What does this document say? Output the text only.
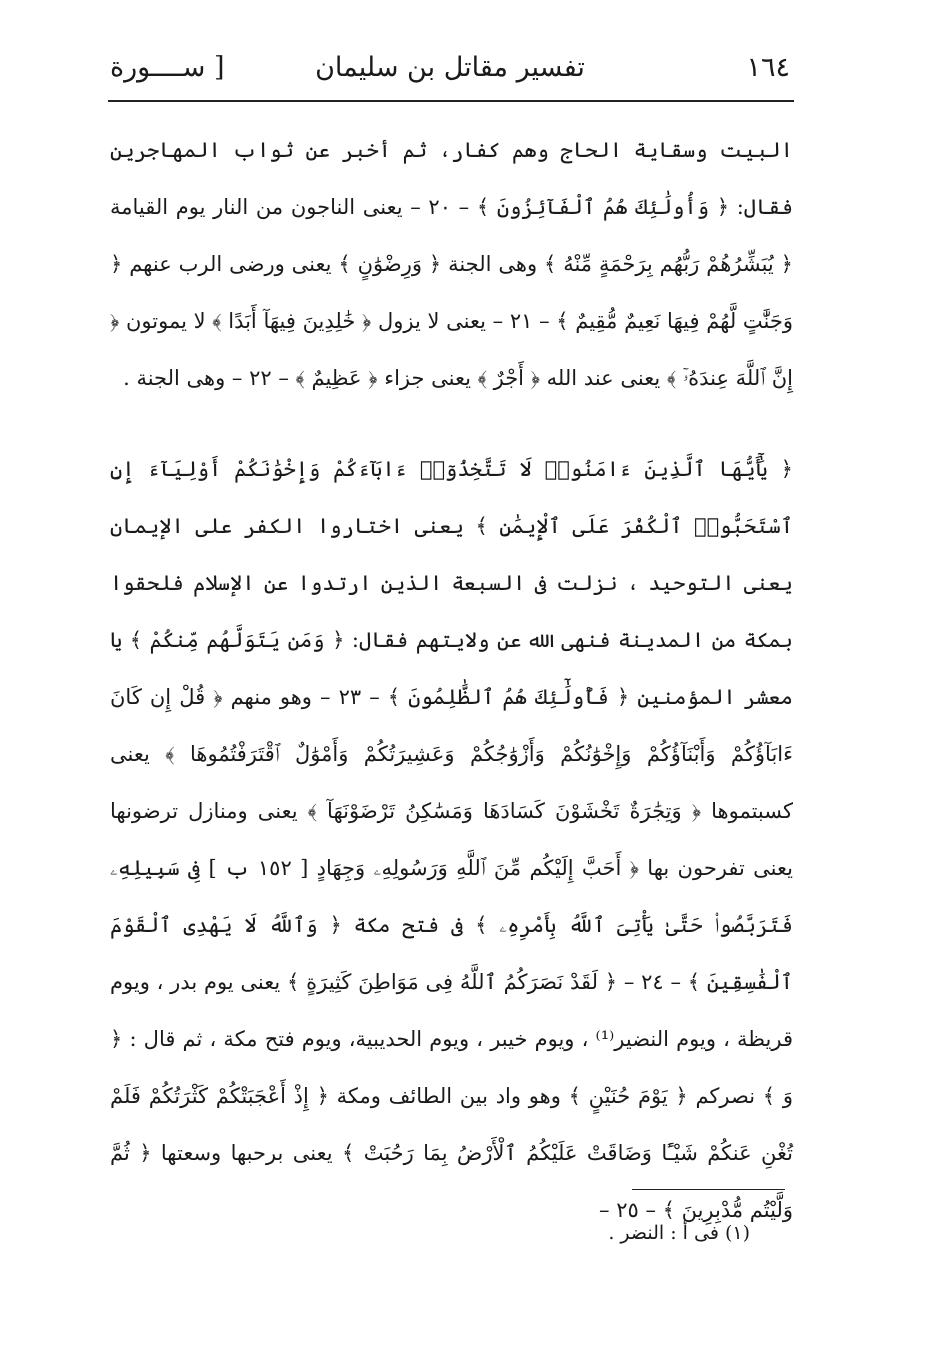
١٦٤
تفسير مقاتل بن سليمان
[ ســــورة

البيت وسقاية الحاج وهم كفار، ثم أخبر عن ثواب المهاجرين فقال: ﴿ وَأُولَٰئِكَ هُمُ ٱلْفَآئِزُونَ ﴾ – ٢٠ – يعنى الناجون من النار يوم القيامة ﴿ يُبَشِّرُهُمْ رَبُّهُم بِرَحْمَةٍ مِّنْهُ ﴾ وهى الجنة ﴿ وَرِضْوَٰنٍ ﴾ يعنى ورضى الرب عنهم ﴿ وَجَنَّٰتٍ لَّهُمْ فِيهَا نَعِيمٌ مُّقِيمٌ ﴾ – ٢١ – يعنى لا يزول ﴿ خَٰلِدِينَ فِيهَآ أَبَدًا ﴾ لا يموتون ﴿ إِنَّ ٱللَّهَ عِندَهُۥٓ ﴾ يعنى عند الله ﴿ أَجْرٌ ﴾ يعنى جزاء ﴿ عَظِيمٌ ﴾ – ٢٢ – وهى الجنة .

﴿ يَٰٓأَيُّهَا ٱلَّذِينَ ءَامَنُوا۟ لَا تَتَّخِذُوٓا۟ ءَابَآءَكُمْ وَإِخْوَٰنَكُمْ أَوْلِيَآءَ إِنِ ٱسْتَحَبُّوا۟ ٱلْكُفْرَ عَلَى ٱلْإِيمَٰنِ ﴾ يعنى اختاروا الكفر على الإيمان يعنى التوحيد ، نزلت فى السبعة الذين ارتدوا عن الإسلام فلحقوا بمكة من المدينة فنهى الله عن ولايتهم فقال: ﴿ وَمَن يَتَوَلَّهُم مِّنكُمْ ﴾ يا معشر المؤمنين ﴿ فَأُولَٰٓئِكَ هُمُ ٱلظَّٰلِمُونَ ﴾ – ٢٣ – وهو منهم ﴿ قُلْ إِن كَانَ ءَابَآؤُكُمْ وَأَبْنَآؤُكُمْ وَإِخْوَٰنُكُمْ وَأَزْوَٰجُكُمْ وَعَشِيرَتُكُمْ وَأَمْوَٰلٌ ٱقْتَرَفْتُمُوهَا ﴾ يعنى كسبتموها ﴿ وَتِجَٰرَةٌ تَخْشَوْنَ كَسَادَهَا وَمَسَٰكِنُ تَرْضَوْنَهَآ ﴾ يعنى ومنازل ترضونها يعنى تفرحون بها ﴿ أَحَبَّ إِلَيْكُم مِّنَ ٱللَّهِ وَرَسُولِهِۦ وَجِهَادٍ [ ١٥٢ ب ] فِى سَبِيلِهِۦ فَتَرَبَّصُوا۟ حَتَّىٰ يَأْتِىَ ٱللَّهُ بِأَمْرِهِۦ ﴾ فى فتح مكة ﴿ وَٱللَّهُ لَا يَهْدِى ٱلْقَوْمَ ٱلْفَٰسِقِينَ ﴾ – ٢٤ – ﴿ لَقَدْ نَصَرَكُمُ ٱللَّهُ فِى مَوَاطِنَ كَثِيرَةٍ ﴾ يعنى يوم بدر ، ويوم قريظة ، ويوم النضير⁽¹⁾ ، ويوم خيبر ، ويوم الحديبية، ويوم فتح مكة ، ثم قال : ﴿ وَ ﴾ نصركم ﴿ يَوْمَ حُنَيْنٍ ﴾ وهو واد بين الطائف ومكة ﴿ إِذْ أَعْجَبَتْكُمْ كَثْرَتُكُمْ فَلَمْ تُغْنِ عَنكُمْ شَيْـًٔا وَضَاقَتْ عَلَيْكُمُ ٱلْأَرْضُ بِمَا رَحُبَتْ ﴾ يعنى برحبها وسعتها ﴿ ثُمَّ وَلَّيْتُم مُّدْبِرِينَ ﴾ – ٢٥ –

(١) فى أ : النضر .
